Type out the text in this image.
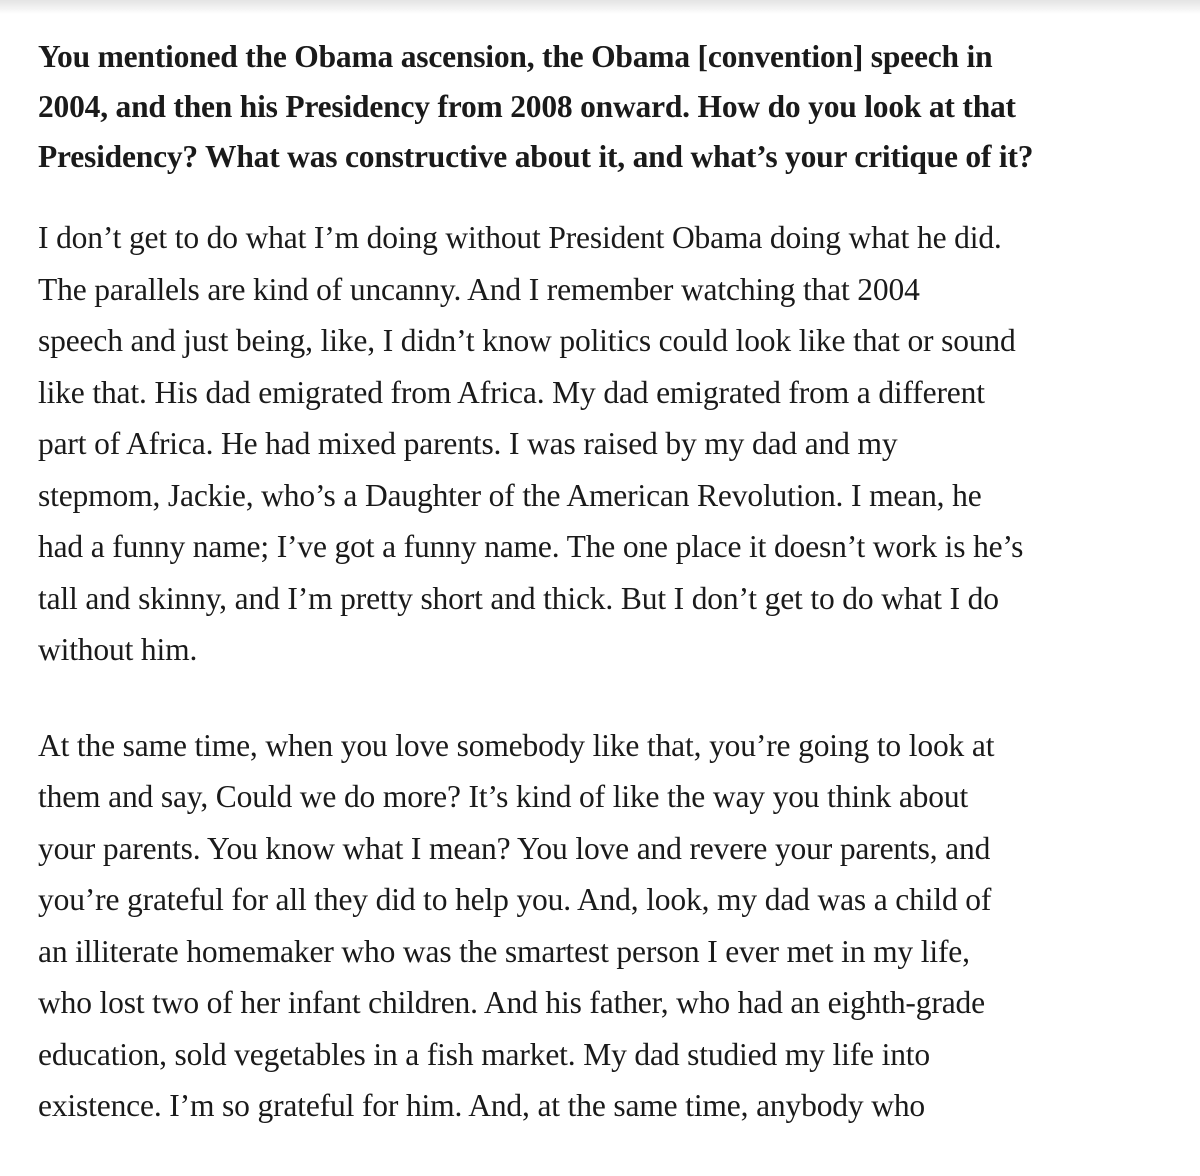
You mentioned the Obama ascension, the Obama [convention] speech in
2004, and then his Presidency from 2008 onward. How do you look at that
Presidency? What was constructive about it, and what’s your critique of it?

I don’t get to do what I’m doing without President Obama doing what he did.
The parallels are kind of uncanny. And I remember watching that 2004
speech and just being, like, I didn’t know politics could look like that or sound
like that. His dad emigrated from Africa. My dad emigrated from a different
part of Africa. He had mixed parents. I was raised by my dad and my
stepmom, Jackie, who’s a Daughter of the American Revolution. I mean, he
had a funny name; I’ve got a funny name. The one place it doesn’t work is he’s
tall and skinny, and I’m pretty short and thick. But I don’t get to do what I do
without him.

At the same time, when you love somebody like that, you’re going to look at
them and say, Could we do more? It’s kind of like the way you think about
your parents. You know what I mean? You love and revere your parents, and
you’re grateful for all they did to help you. And, look, my dad was a child of
an illiterate homemaker who was the smartest person I ever met in my life,
who lost two of her infant children. And his father, who had an eighth-grade
education, sold vegetables in a fish market. My dad studied my life into
existence. I’m so grateful for him. And, at the same time, anybody who
